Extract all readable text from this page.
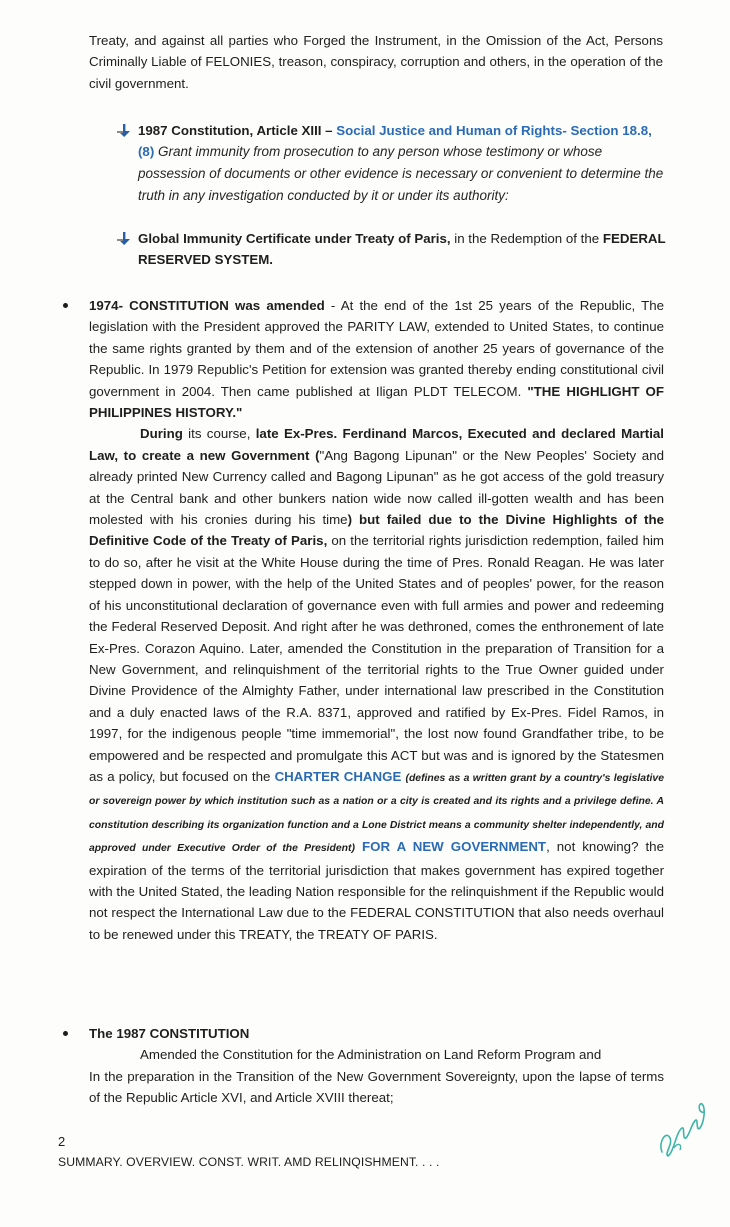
Treaty, and against all parties who Forged the Instrument, in the Omission of the Act, Persons Criminally Liable of FELONIES, treason, conspiracy, corruption and others, in the operation of the civil government.
1987 Constitution, Article XIII – Social Justice and Human of Rights- Section 18.8, (8) Grant immunity from prosecution to any person whose testimony or whose possession of documents or other evidence is necessary or convenient to determine the truth in any investigation conducted by it or under its authority:
Global Immunity Certificate under Treaty of Paris, in the Redemption of the FEDERAL RESERVED SYSTEM.
1974- CONSTITUTION was amended - At the end of the 1st 25 years of the Republic, The legislation with the President approved the PARITY LAW, extended to United States, to continue the same rights granted by them and of the extension of another 25 years of governance of the Republic. In 1979 Republic's Petition for extension was granted thereby ending constitutional civil government in 2004. Then came published at Iligan PLDT TELECOM. "THE HIGHLIGHT OF PHILIPPINES HISTORY."
During its course, late Ex-Pres. Ferdinand Marcos, Executed and declared Martial Law, to create a new Government ("Ang Bagong Lipunan" or the New Peoples' Society and already printed New Currency called and Bagong Lipunan" as he got access of the gold treasury at the Central bank and other bunkers nation wide now called ill-gotten wealth and has been molested with his cronies during his time) but failed due to the Divine Highlights of the Definitive Code of the Treaty of Paris, on the territorial rights jurisdiction redemption, failed him to do so, after he visit at the White House during the time of Pres. Ronald Reagan. He was later stepped down in power, with the help of the United States and of peoples' power, for the reason of his unconstitutional declaration of governance even with full armies and power and redeeming the Federal Reserved Deposit. And right after he was dethroned, comes the enthronement of late Ex-Pres. Corazon Aquino. Later, amended the Constitution in the preparation of Transition for a New Government, and relinquishment of the territorial rights to the True Owner guided under Divine Providence of the Almighty Father, under international law prescribed in the Constitution and a duly enacted laws of the R.A. 8371, approved and ratified by Ex-Pres. Fidel Ramos, in 1997, for the indigenous people "time immemorial", the lost now found Grandfather tribe, to be empowered and be respected and promulgate this ACT but was and is ignored by the Statesmen as a policy, but focused on the CHARTER CHANGE (defines as a written grant by a country's legislative or sovereign power by which institution such as a nation or a city is created and its rights and a privilege define. A constitution describing its organization function and a Lone District means a community shelter independently, and approved under Executive Order of the President) FOR A NEW GOVERNMENT, not knowing? the expiration of the terms of the territorial jurisdiction that makes government has expired together with the United Stated, the leading Nation responsible for the relinquishment if the Republic would not respect the International Law due to the FEDERAL CONSTITUTION that also needs overhaul to be renewed under this TREATY, the TREATY OF PARIS.
The 1987 CONSTITUTION
Amended the Constitution for the Administration on Land Reform Program and
In the preparation in the Transition of the New Government Sovereignty, upon the lapse of terms of the Republic Article XVI, and Article XVIII thereat;
2
SUMMARY. OVERVIEW. CONST. WRIT. AMD RELINQISHMENT. . . .
